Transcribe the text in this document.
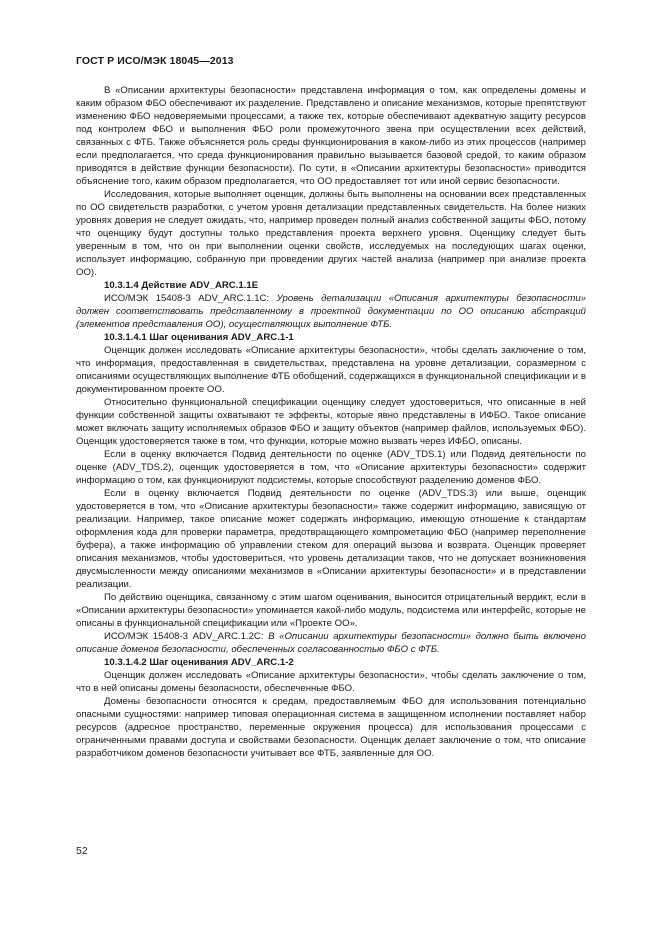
ГОСТ Р ИСО/МЭК 18045—2013

В «Описании архитектуры безопасности» представлена информация о том, как определены домены и каким образом ФБО обеспечивают их разделение. Представлено и описание механизмов, которые препятствуют изменению ФБО недоверяемыми процессами, а также тех, которые обеспечивают адекватную защиту ресурсов под контролем ФБО и выполнения ФБО роли промежуточного звена при осуществлении всех действий, связанных с ФТБ. Также объясняется роль среды функционирования в каком-либо из этих процессов (например если предполагается, что среда функционирования правильно вызывается базовой средой, то каким образом приводятся в действие функции безопасности). По сути, в «Описании архитектуры безопасности» приводится объяснение того, каким образом предполагается, что ОО предоставляет тот или иной сервис безопасности.

Исследования, которые выполняет оценщик, должны быть выполнены на основании всех представленных по ОО свидетельств разработки, с учетом уровня детализации представленных свидетельств. На более низких уровнях доверия не следует ожидать, что, например проведен полный анализ собственной защиты ФБО, потому что оценщику будут доступны только представления проекта верхнего уровня. Оценщику следует быть уверенным в том, что он при выполнении оценки свойств, исследуемых на последующих шагах оценки, использует информацию, собранную при проведении других частей анализа (например при анализе проекта ОО).

10.3.1.4 Действие ADV_ARC.1.1E

ИСО/МЭК 15408-3 ADV_ARC.1.1C: Уровень детализации «Описания архитектуры безопасности» должен соответствовать представленному в проектной документации по ОО описанию абстракций (элементов представления ОО), осуществляющих выполнение ФТБ.

10.3.1.4.1 Шаг оценивания ADV_ARC.1-1

Оценщик должен исследовать «Описание архитектуры безопасности», чтобы сделать заключение о том, что информация, предоставленная в свидетельствах, представлена на уровне детализации, соразмерном с описаниями осуществляющих выполнение ФТБ обобщений, содержащихся в функциональной спецификации и в документированном проекте ОО.

Относительно функциональной спецификации оценщику следует удостовериться, что описанные в ней функции собственной защиты охватывают те эффекты, которые явно представлены в ИФБО. Такое описание может включать защиту исполняемых образов ФБО и защиту объектов (например файлов, используемых ФБО). Оценщик удостоверяется также в том, что функции, которые можно вызвать через ИФБО, описаны.

Если в оценку включается Подвид деятельности по оценке (ADV_TDS.1) или Подвид деятельности по оценке (ADV_TDS.2), оценщик удостоверяется в том, что «Описание архитектуры безопасности» содержит информацию о том, как функционируют подсистемы, которые способствуют разделению доменов ФБО.

Если в оценку включается Подвид деятельности по оценке (ADV_TDS.3) или выше, оценщик удостоверяется в том, что «Описание архитектуры безопасности» также содержит информацию, зависящую от реализации. Например, такое описание может содержать информацию, имеющую отношение к стандартам оформления кода для проверки параметра, предотвращающего компрометацию ФБО (например переполнение буфера), а также информацию об управлении стеком для операций вызова и возврата. Оценщик проверяет описания механизмов, чтобы удостовериться, что уровень детализации таков, что не допускает возникновения двусмысленности между описаниями механизмов в «Описании архитектуры безопасности» и в представлении реализации.

По действию оценщика, связанному с этим шагом оценивания, выносится отрицательный вердикт, если в «Описании архитектуры безопасности» упоминается какой-либо модуль, подсистема или интерфейс, которые не описаны в функциональной спецификации или «Проекте ОО».

ИСО/МЭК 15408-3 ADV_ARC.1.2C: В «Описании архитектуры безопасности» должно быть включено описание доменов безопасности, обеспеченных согласованностью ФБО с ФТБ.

10.3.1.4.2 Шаг оценивания ADV_ARC.1-2

Оценщик должен исследовать «Описание архитектуры безопасности», чтобы сделать заключение о том, что в ней описаны домены безопасности, обеспеченные ФБО.

Домены безопасности относятся к средам, предоставляемым ФБО для использования потенциально опасными сущностями: например типовая операционная система в защищенном исполнении поставляет набор ресурсов (адресное пространство, переменные окружения процесса) для использования процессами с ограниченными правами доступа и свойствами безопасности. Оценщик делает заключение о том, что описание разработчиком доменов безопасности учитывает все ФТБ, заявленные для ОО.

52
